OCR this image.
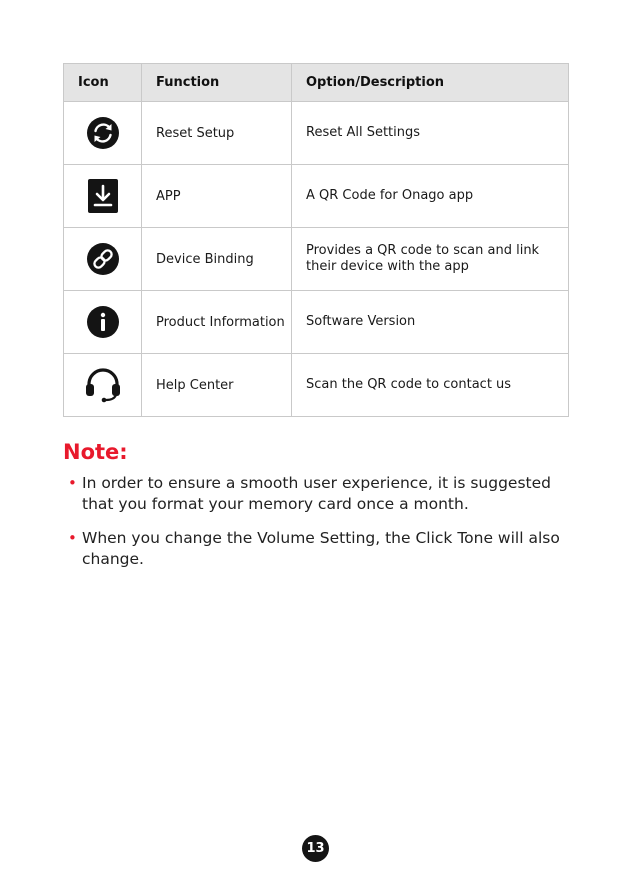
Icon	Function	Option/Description
	Reset Setup	Reset All Settings
	APP	A QR Code for Onago app
	Device Binding	Provides a QR code to scan and link their device with the app
	Product Information	Software Version
	Help Center	Scan the QR code to contact us
Note:
• In order to ensure a smooth user experience, it is suggested that you format your memory card once a month.
• When you change the Volume Setting, the Click Tone will also change.
13
